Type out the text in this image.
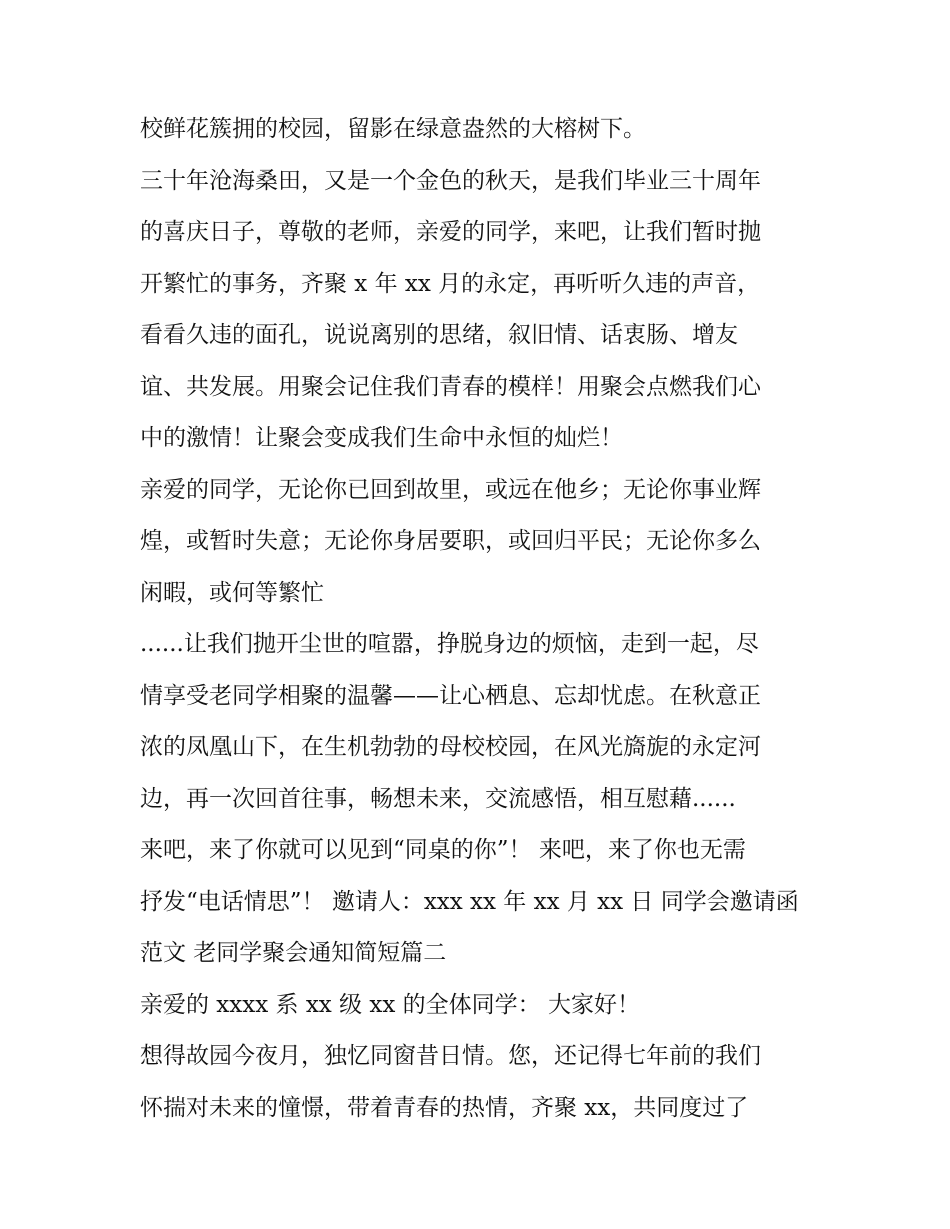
校鲜花簇拥的校园，留影在绿意盎然的大榕树下。
三十年沧海桑田，又是一个金色的秋天，是我们毕业三十周年
的喜庆日子，尊敬的老师，亲爱的同学，来吧，让我们暂时抛
开繁忙的事务，齐聚 x 年 xx 月的永定，再听听久违的声音，
看看久违的面孔，说说离别的思绪，叙旧情、话衷肠、增友
谊、共发展。用聚会记住我们青春的模样！用聚会点燃我们心
中的激情！让聚会变成我们生命中永恒的灿烂！
亲爱的同学，无论你已回到故里，或远在他乡；无论你事业辉
煌，或暂时失意；无论你身居要职，或回归平民；无论你多么
闲暇，或何等繁忙
......让我们抛开尘世的喧嚣，挣脱身边的烦恼，走到一起，尽
情享受老同学相聚的温馨——让心栖息、忘却忧虑。在秋意正
浓的凤凰山下，在生机勃勃的母校校园，在风光旖旎的永定河
边，再一次回首往事，畅想未来，交流感悟，相互慰藉......
来吧，来了你就可以见到“同桌的你”！ 来吧，来了你也无需
抒发“电话情思”！ 邀请人：xxx xx 年 xx 月 xx 日 同学会邀请函
范文 老同学聚会通知简短篇二
亲爱的 xxxx 系 xx 级 xx 的全体同学： 大家好！
想得故园今夜月，独忆同窗昔日情。您，还记得七年前的我们
怀揣对未来的憧憬，带着青春的热情，齐聚 xx，共同度过了
